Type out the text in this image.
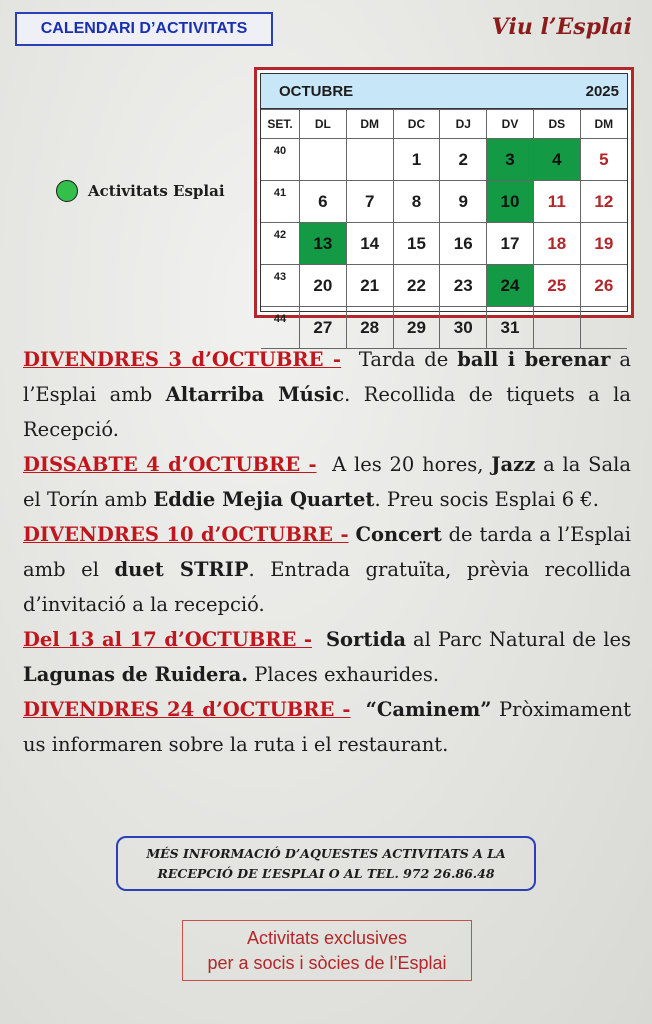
CALENDARI D’ACTIVITATS	Viu l’Esplai
Activitats Esplai
OCTUBRE	2025
SET.	DL	DM	DC	DJ	DV	DS	DM
40			1	2	3	4	5
41	6	7	8	9	10	11	12
42	13	14	15	16	17	18	19
43	20	21	22	23	24	25	26
44	27	28	29	30	31		

DIVENDRES 3 d’OCTUBRE -  Tarda de ball i berenar a l’Esplai amb Altarriba Músic. Recollida de tiquets a la Recepció.

DISSABTE 4 d’OCTUBRE -  A les 20 hores, Jazz a la Sala el Torín amb Eddie Mejia Quartet. Preu socis Esplai 6 €.

DIVENDRES 10 d’OCTUBRE - Concert de tarda a l’Esplai amb el duet STRIP. Entrada gratuïta, prèvia recollida d’invitació a la recepció.

Del 13 al 17 d’OCTUBRE - Sortida al Parc Natural de les Lagunas de Ruidera. Places exhaurides.

DIVENDRES 24 d’OCTUBRE - “Caminem” Pròximament us informaren sobre la ruta i el restaurant.

MÉS INFORMACIÓ D’AQUESTES ACTIVITATS A LA
RECEPCIÓ DE L’ESPLAI O AL TEL. 972 26.86.48
Activitats exclusives
per a socis i sòcies de l’Esplai
